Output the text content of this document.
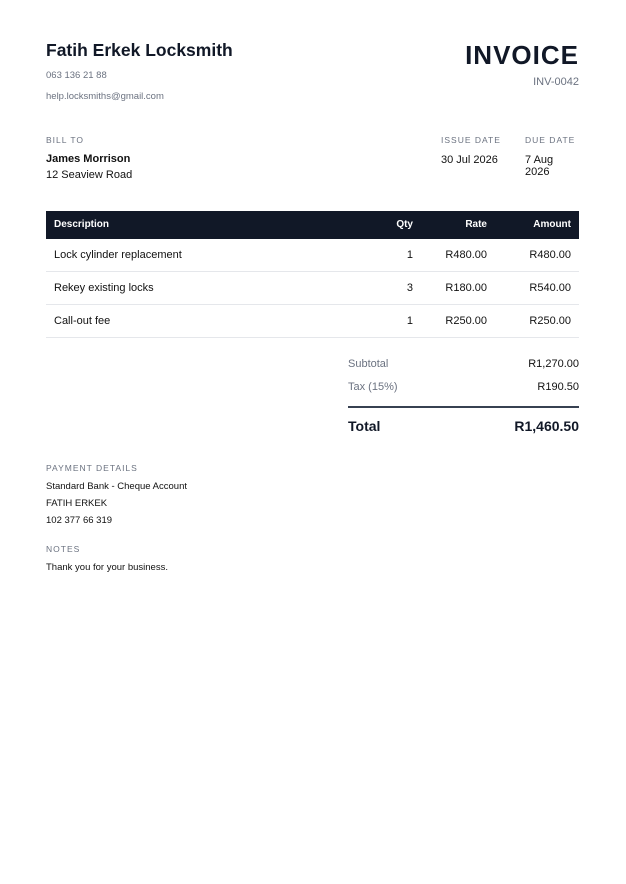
Fatih Erkek Locksmith
063 136 21 88
help.locksmiths@gmail.com
INVOICE
INV-0042
BILL TO
James Morrison
12 Seaview Road
ISSUE DATE
30 Jul 2026
DUE DATE
7 Aug 2026
Description	Qty	Rate	Amount
Lock cylinder replacement	1	R480.00	R480.00
Rekey existing locks	3	R180.00	R540.00
Call-out fee	1	R250.00	R250.00
Subtotal	R1,270.00
Tax (15%)	R190.50
Total	R1,460.50
PAYMENT DETAILS
Standard Bank - Cheque Account
FATIH ERKEK
102 377 66 319
NOTES
Thank you for your business.
